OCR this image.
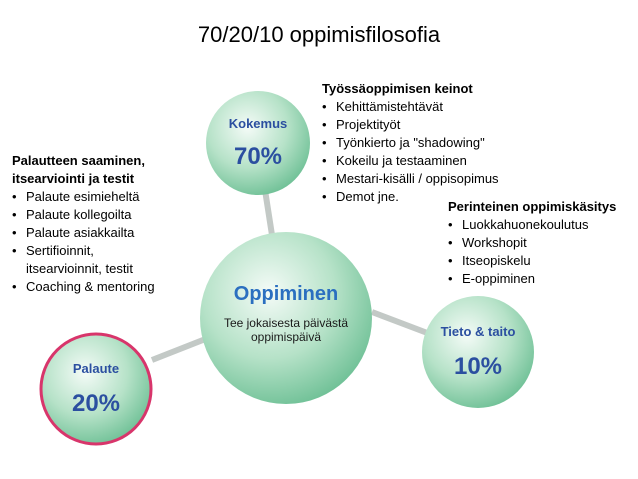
70/20/10 oppimisfilosofia
Kokemus
70%
Tieto & taito
10%
Palaute
20%
Oppiminen
Tee jokaisesta päivästä oppimispäivä
Työssäoppimisen keinot
• Kehittämistehtävät
• Projektityöt
• Työnkierto ja "shadowing"
• Kokeilu ja testaaminen
• Mestari-kisälli / oppisopimus
• Demot jne.
Perinteinen oppimiskäsitys
• Luokkahuonekoulutus
• Workshopit
• Itseopiskelu
• E-oppiminen
Palautteen saaminen,
itsearviointi ja testit
• Palaute esimieheltä
• Palaute kollegoilta
• Palaute asiakkailta
• Sertifioinnit,
itsearvioinnit, testit
• Coaching & mentoring
